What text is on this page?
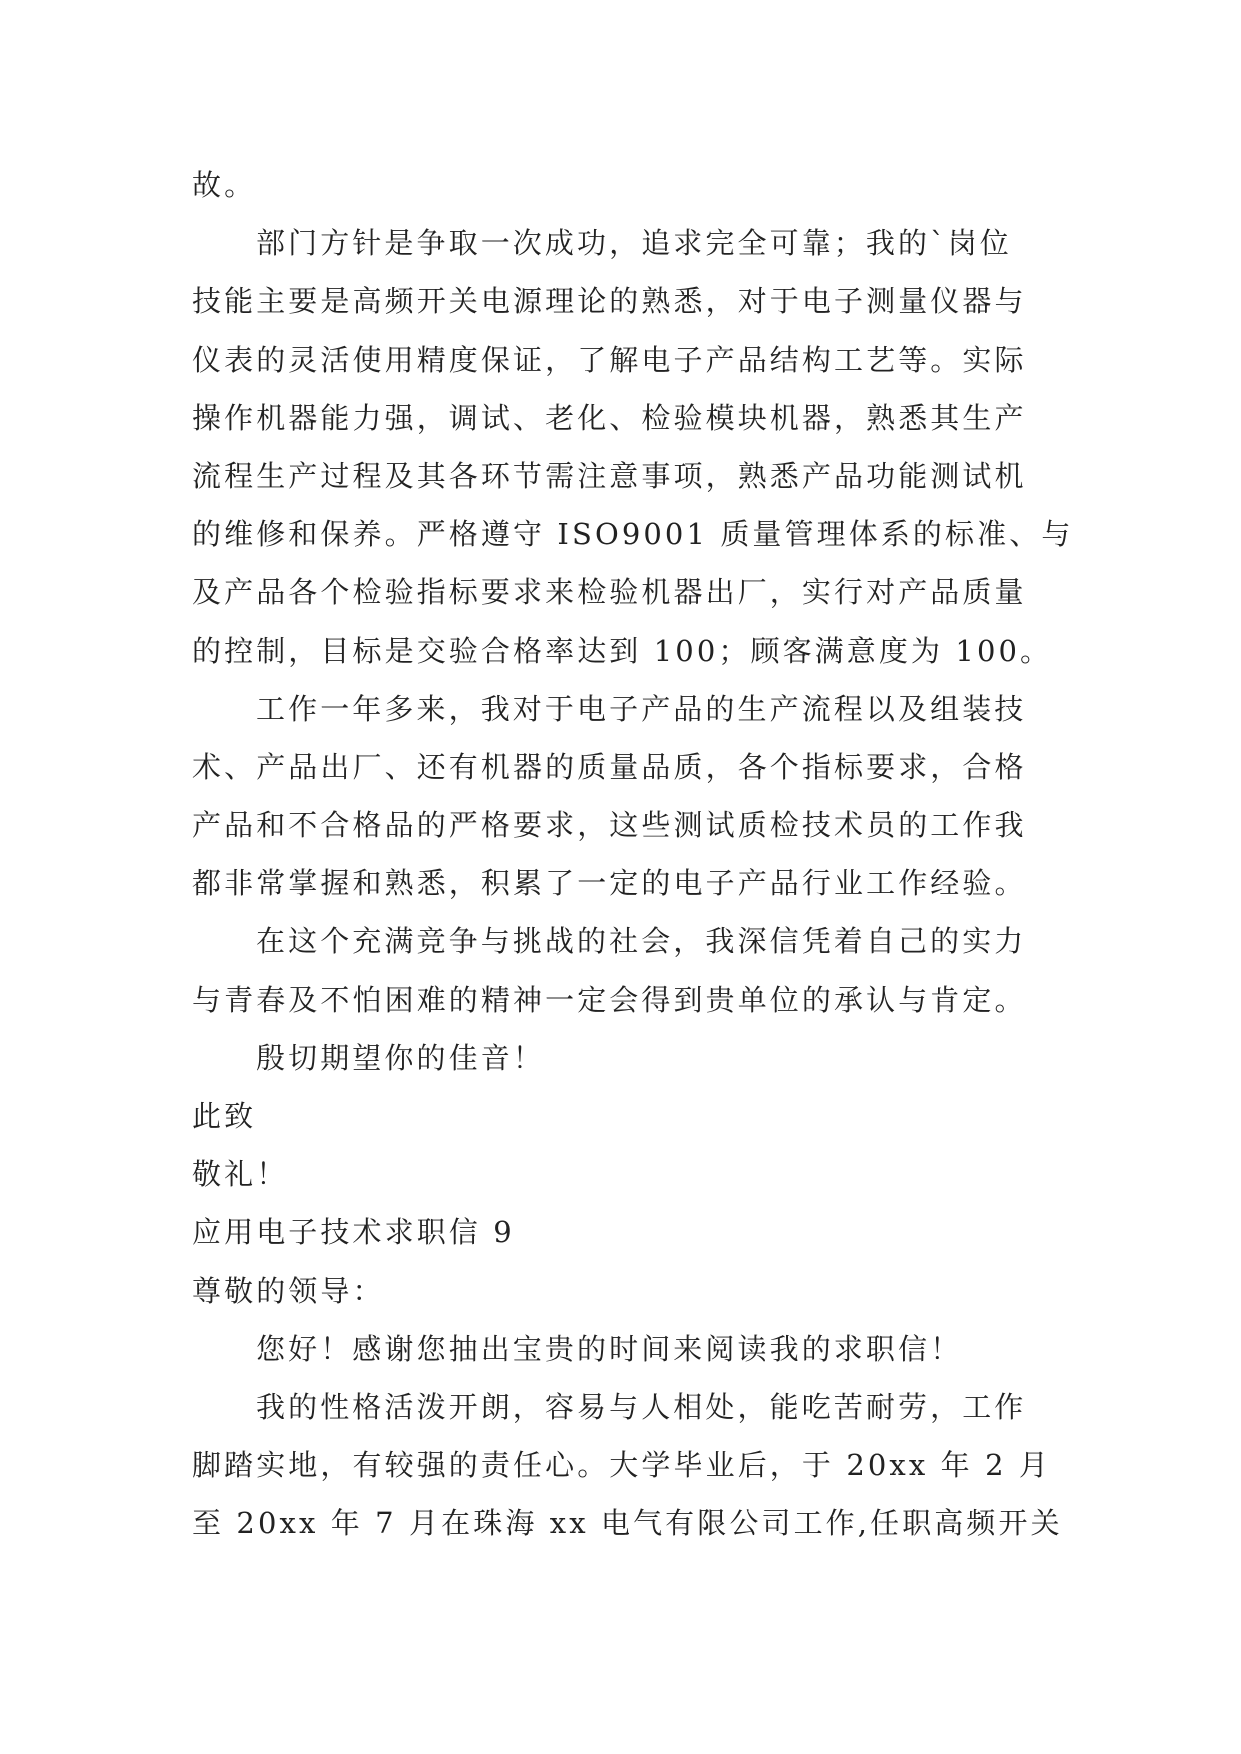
故。
部门方针是争取一次成功，追求完全可靠；我的`岗位
技能主要是高频开关电源理论的熟悉，对于电子测量仪器与
仪表的灵活使用精度保证，了解电子产品结构工艺等。实际
操作机器能力强，调试、老化、检验模块机器，熟悉其生产
流程生产过程及其各环节需注意事项，熟悉产品功能测试机
的维修和保养。严格遵守 ISO9001 质量管理体系的标准、与
及产品各个检验指标要求来检验机器出厂，实行对产品质量
的控制，目标是交验合格率达到 100；顾客满意度为 100。
工作一年多来，我对于电子产品的生产流程以及组装技
术、产品出厂、还有机器的质量品质，各个指标要求，合格
产品和不合格品的严格要求，这些测试质检技术员的工作我
都非常掌握和熟悉，积累了一定的电子产品行业工作经验。
在这个充满竞争与挑战的社会，我深信凭着自己的实力
与青春及不怕困难的精神一定会得到贵单位的承认与肯定。
殷切期望你的佳音！
此致
敬礼！
应用电子技术求职信 9
尊敬的领导：
您好！感谢您抽出宝贵的时间来阅读我的求职信！
我的性格活泼开朗，容易与人相处，能吃苦耐劳，工作
脚踏实地，有较强的责任心。大学毕业后，于 20xx 年 2 月
至 20xx 年 7 月在珠海 xx 电气有限公司工作,任职高频开关
